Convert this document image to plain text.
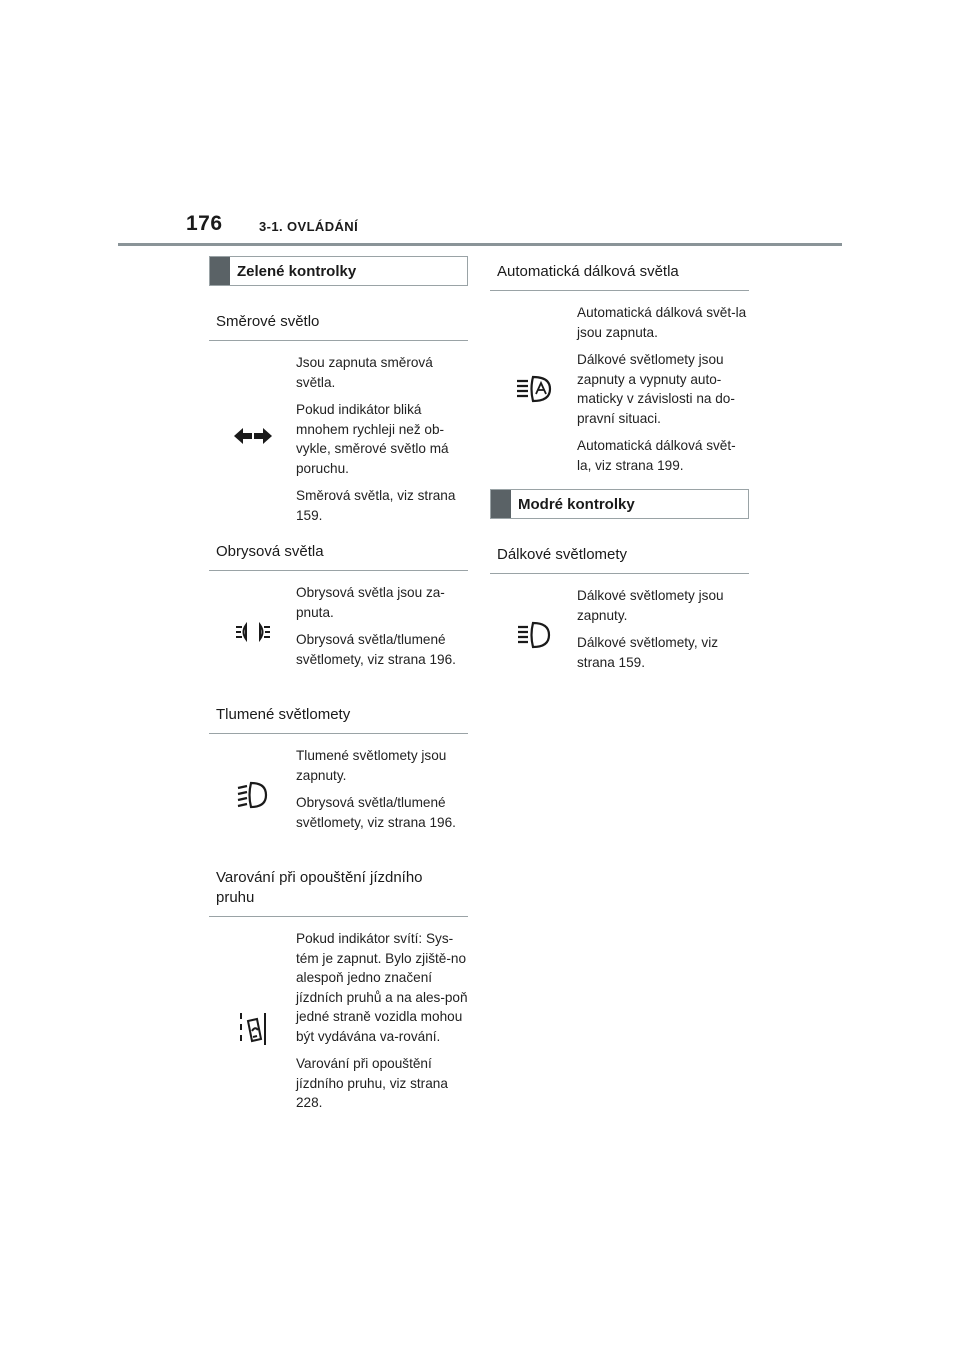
176	3-1. OVLÁDÁNÍ
Zelené kontrolky
Směrové světlo

Jsou zapnuta směrová světla.

Pokud indikátor bliká mnohem rychleji než ob-vykle, směrové světlo má poruchu.

Směrová světla, viz strana 159.

Obrysová světla

Obrysová světla jsou za-pnuta.

Obrysová světla/tlumené světlomety, viz strana 196.

Tlumené světlomety

Tlumené světlomety jsou zapnuty.

Obrysová světla/tlumené světlomety, viz strana 196.

Varování při opouštění jízdního pruhu

Pokud indikátor svítí: Sys-tém je zapnut. Bylo zjiště-no alespoň jedno značení jízdních pruhů a na ales-poň jedné straně vozidla mohou být vydávána va-rování.

Varování při opouštění jízdního pruhu, viz strana 228.

Automatická dálková světla

Automatická dálková svět-la jsou zapnuta.

Dálkové světlomety jsou zapnuty a vypnuty auto-maticky v závislosti na do-pravní situaci.

Automatická dálková svět-la, viz strana 199.

Modré kontrolky
Dálkové světlomety

Dálkové světlomety jsou zapnuty.

Dálkové světlomety, viz strana 159.
